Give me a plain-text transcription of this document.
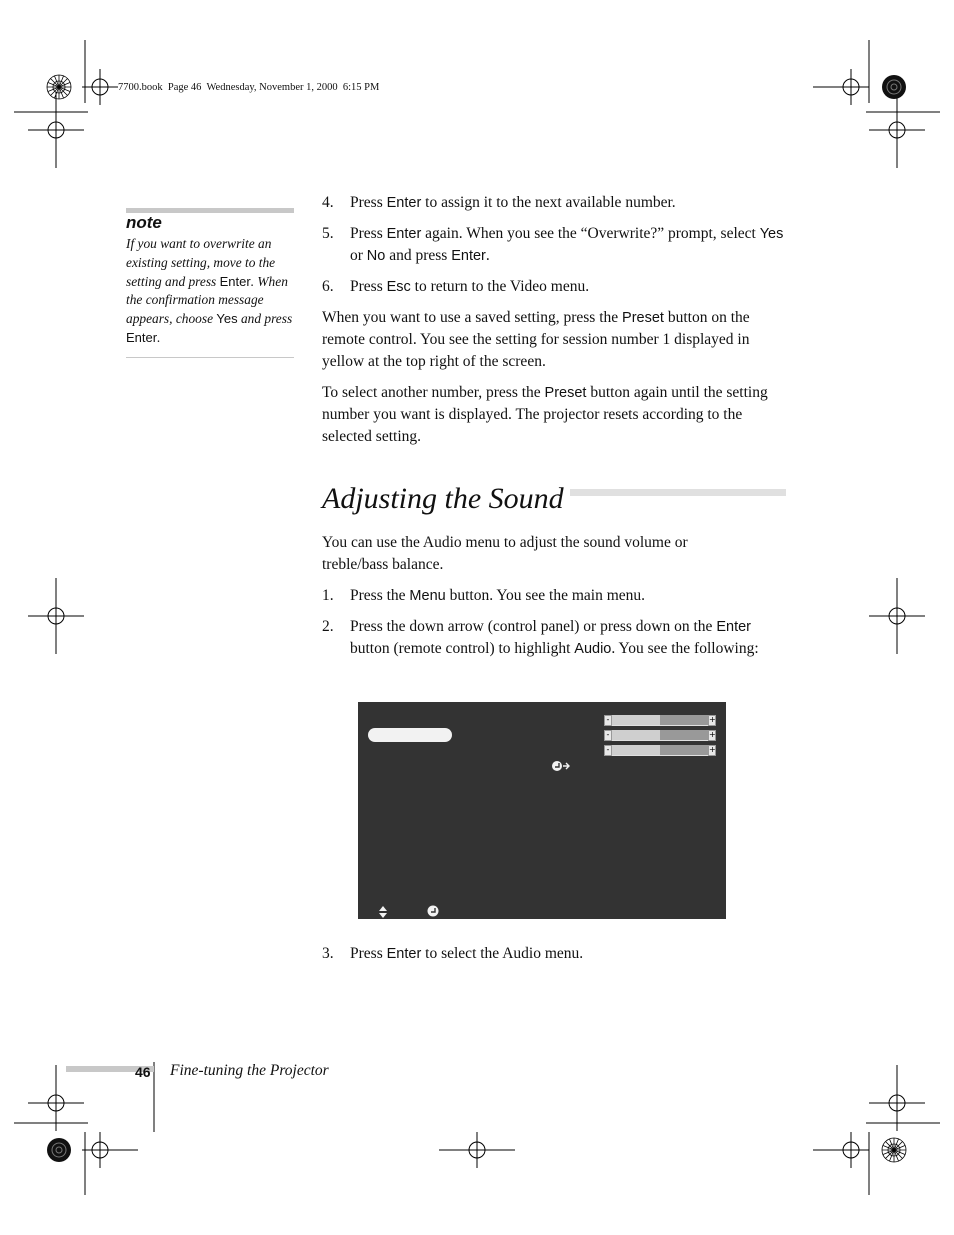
7700.book  Page 46  Wednesday, November 1, 2000  6:15 PM
note
If you want to overwrite an existing setting, move to the setting and press Enter. When the confirmation message appears, choose Yes and press Enter.
4. Press Enter to assign it to the next available number.
5. Press Enter again. When you see the “Overwrite?” prompt, select Yes or No and press Enter.
6. Press Esc to return to the Video menu.
When you want to use a saved setting, press the Preset button on the remote control. You see the setting for session number 1 displayed in yellow at the top right of the screen.
To select another number, press the Preset button again until the setting number you want is displayed. The projector resets according to the selected setting.
Adjusting the Sound
You can use the Audio menu to adjust the sound volume or treble/bass balance.
1. Press the Menu button. You see the main menu.
2. Press the down arrow (control panel) or press down on the Enter button (remote control) to highlight Audio. You see the following:
-	+
-	+
-	+
3. Press Enter to select the Audio menu.
46 Fine-tuning the Projector
